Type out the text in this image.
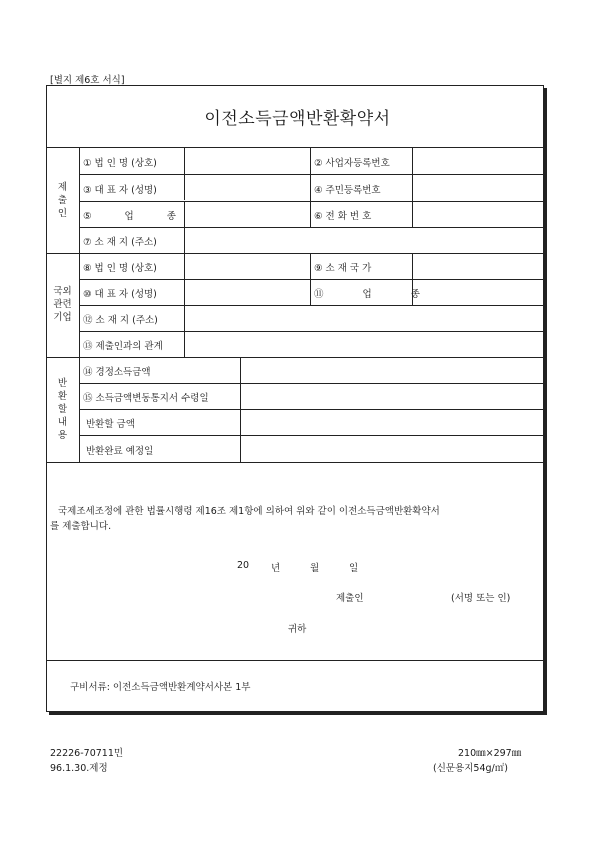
[별지 제6호 서식]
이전소득금액반환확약서
제
출
인
① 법 인 명 (상호)	② 사업자등록번호
③ 대 표 자 (성명)	④ 주민등록번호
⑤ 업 종	⑥ 전 화 번 호
⑦ 소 재 지 (주소)
국외
관련
기업
⑧ 법 인 명 (상호)	⑨ 소 재 국 가
⑩ 대 표 자 (성명)	⑪ 업 종
⑫ 소 재 지 (주소)
⑬ 제출인과의 관계
반
환
할
내
용
⑭ 경정소득금액
⑮ 소득금액변동통지서 수령일
반환할 금액
반환완료 예정일
국제조세조정에 관한 법률시행령 제16조 제1항에 의하여 위와 같이 이전소득금액반환확약서
를 제출합니다.
20 년	월	일
제출인	(서명 또는 인)
귀하
구비서류: 이전소득금액반환계약서사본 1부
22226-70711민
96.1.30.제정
210㎜×297㎜
(신문용지54g/㎡)
